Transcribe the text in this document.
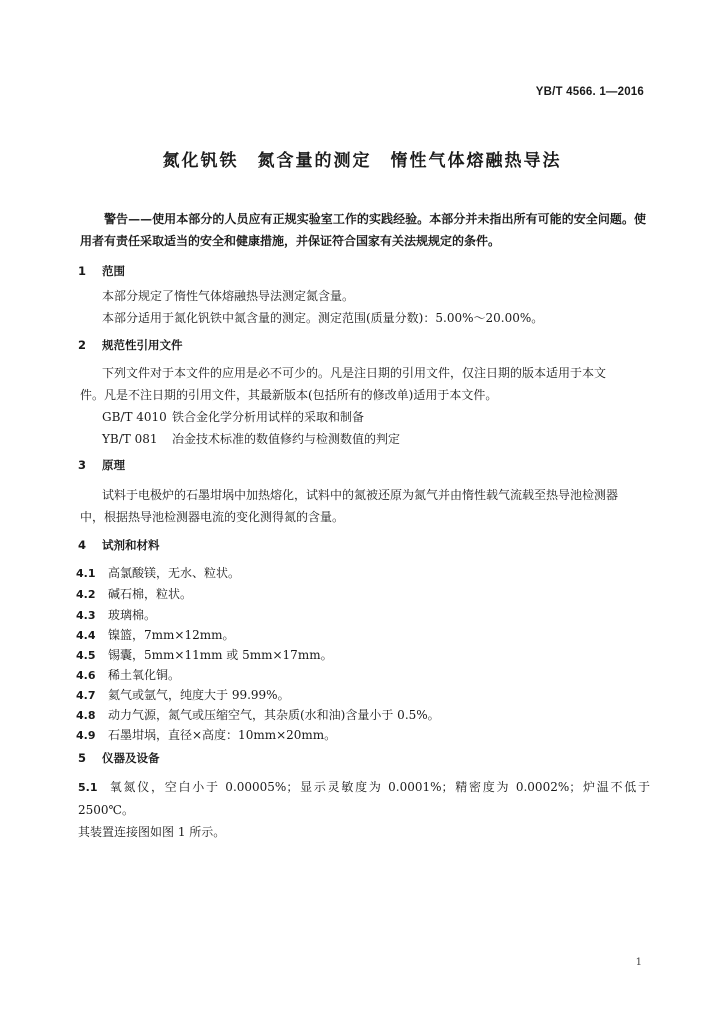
YB/T 4566. 1—2016
氮化钒铁　氮含量的测定　惰性气体熔融热导法
警告——使用本部分的人员应有正规实验室工作的实践经验。本部分并未指出所有可能的安全问题。使用者有责任采取适当的安全和健康措施，并保证符合国家有关法规规定的条件。
1 范围
本部分规定了惰性气体熔融热导法测定氮含量。
本部分适用于氮化钒铁中氮含量的测定。测定范围(质量分数)：5.00%～20.00%。
2 规范性引用文件
下列文件对于本文件的应用是必不可少的。凡是注日期的引用文件，仅注日期的版本适用于本文
件。凡是不注日期的引用文件，其最新版本(包括所有的修改单)适用于本文件。
GB/T 4010 铁合金化学分析用试样的采取和制备
YB/T 081 冶金技术标准的数值修约与检测数值的判定
3 原理
试料于电极炉的石墨坩埚中加热熔化，试料中的氮被还原为氮气并由惰性载气流载至热导池检测器
中，根据热导池检测器电流的变化测得氮的含量。
4 试剂和材料
4.1 高氯酸镁，无水、粒状。
4.2 碱石棉，粒状。
4.3 玻璃棉。
4.4 镍篮，7mm×12mm。
4.5 锡囊，5mm×11mm 或 5mm×17mm。
4.6 稀土氧化铜。
4.7 氦气或氩气，纯度大于 99.99%。
4.8 动力气源，氮气或压缩空气，其杂质(水和油)含量小于 0.5%。
4.9 石墨坩埚，直径×高度：10mm×20mm。
5 仪器及设备
5.1 氧氮仪，空白小于 0.00005%；显示灵敏度为 0.0001%；精密度为 0.0002%；炉温不低于 2500℃。
其装置连接图如图 1 所示。
1
